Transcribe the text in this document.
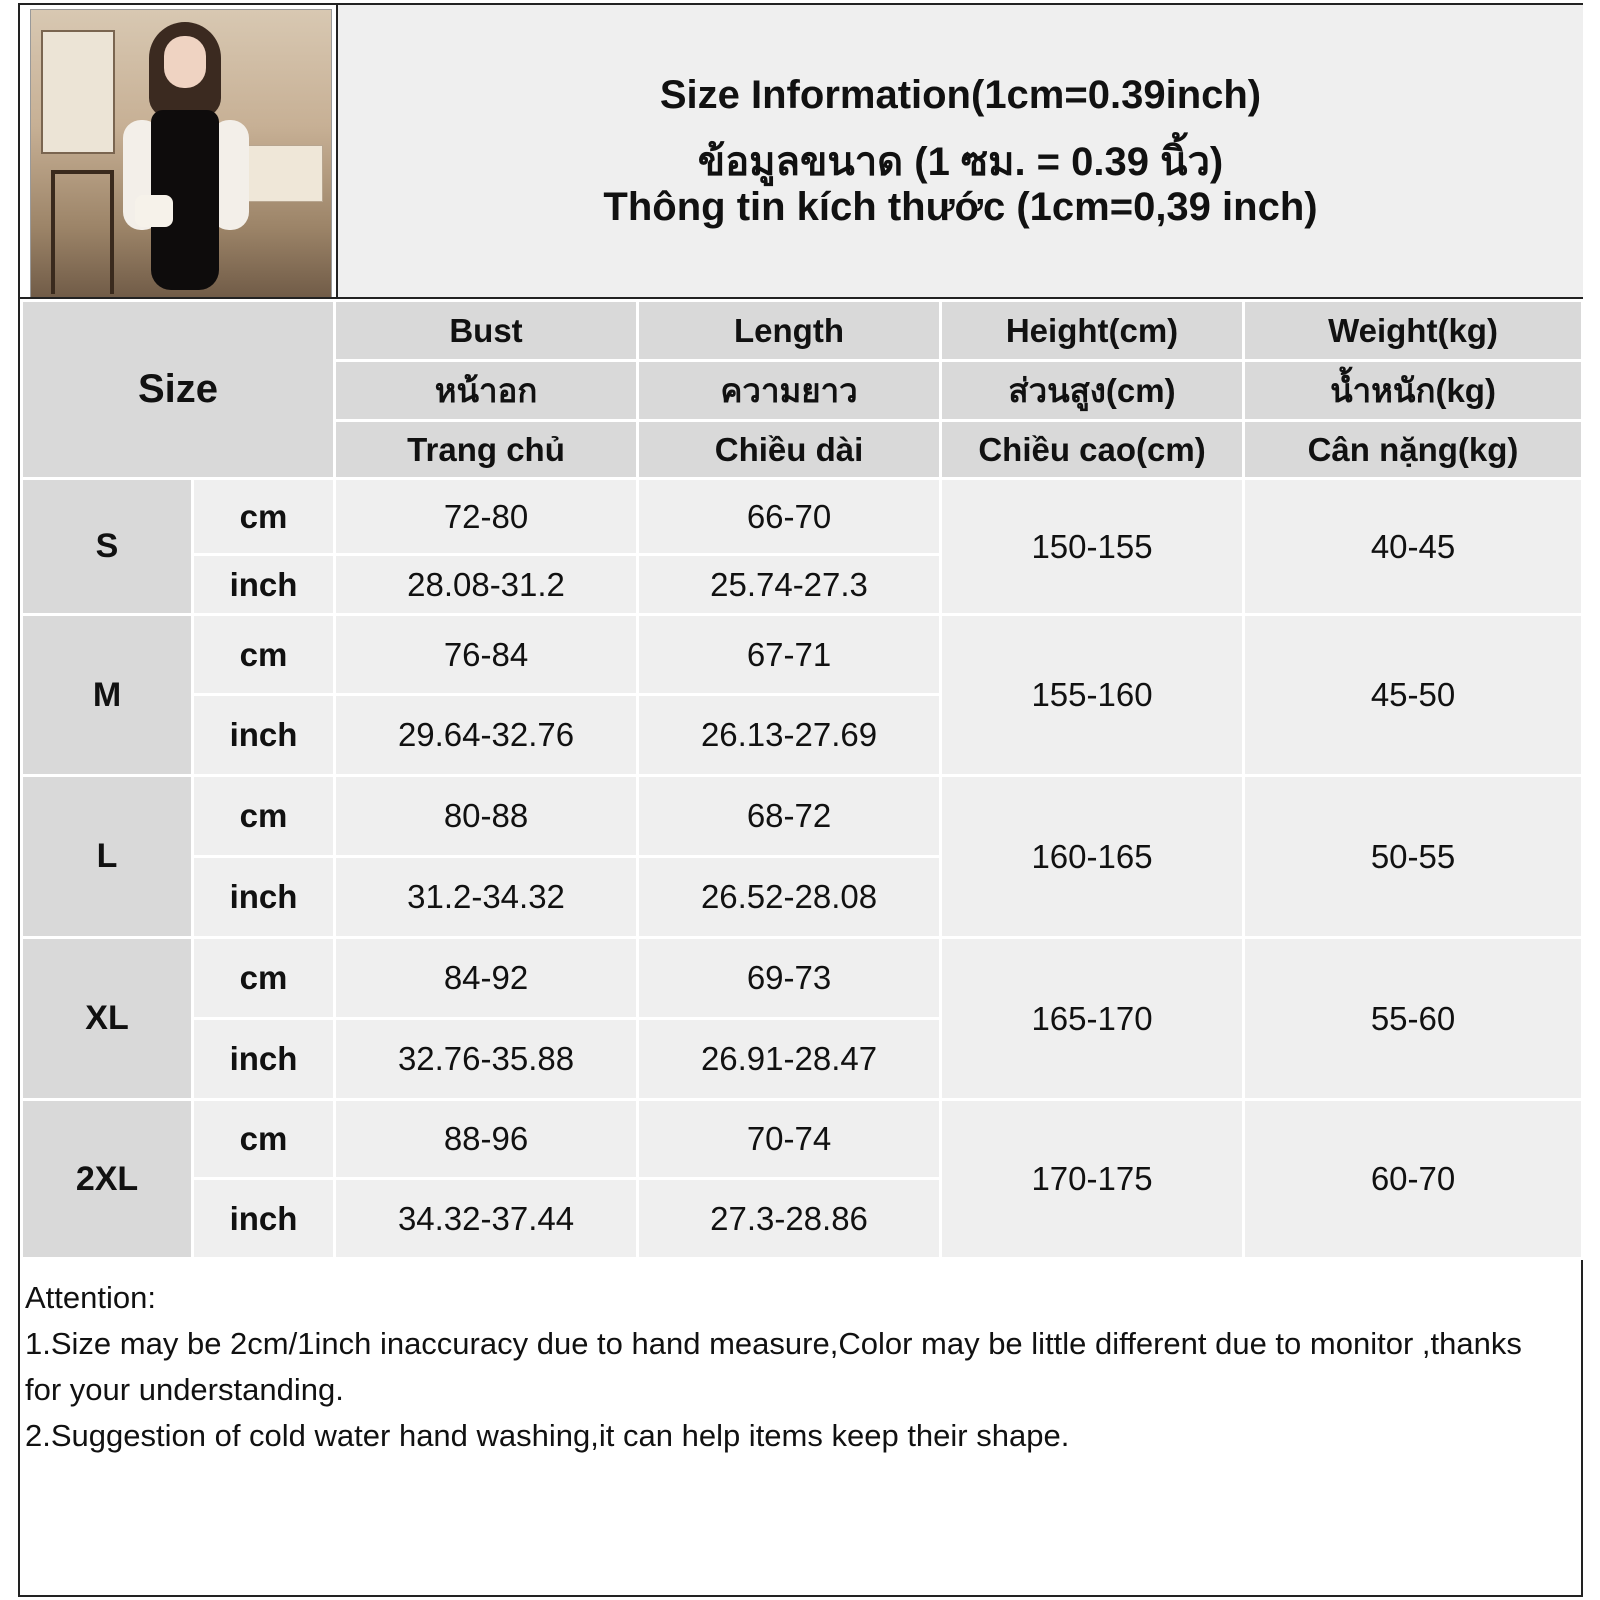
Size Information(1cm=0.39inch)
ข้อมูลขนาด (1 ซม. = 0.39 นิ้ว)
Thông tin kích thước (1cm=0,39 inch)
Size		Bust	Length	Height(cm)	Weight(kg)
		หน้าอก	ความยาว	ส่วนสูง(cm)	น้ำหนัก(kg)
		Trang chủ	Chiều dài	Chiều cao(cm)	Cân nặng(kg)
S	cm	72-80	66-70	150-155	40-45
	inch	28.08-31.2	25.74-27.3		
M	cm	76-84	67-71	155-160	45-50
	inch	29.64-32.76	26.13-27.69		
L	cm	80-88	68-72	160-165	50-55
	inch	31.2-34.32	26.52-28.08		
XL	cm	84-92	69-73	165-170	55-60
	inch	32.76-35.88	26.91-28.47		
2XL	cm	88-96	70-74	170-175	60-70
	inch	34.32-37.44	27.3-28.86		
Attention:
1.Size may be 2cm/1inch inaccuracy due to hand measure,Color may be little different due to monitor ,thanks for your understanding.
2.Suggestion of cold water hand washing,it can help items keep their shape.
